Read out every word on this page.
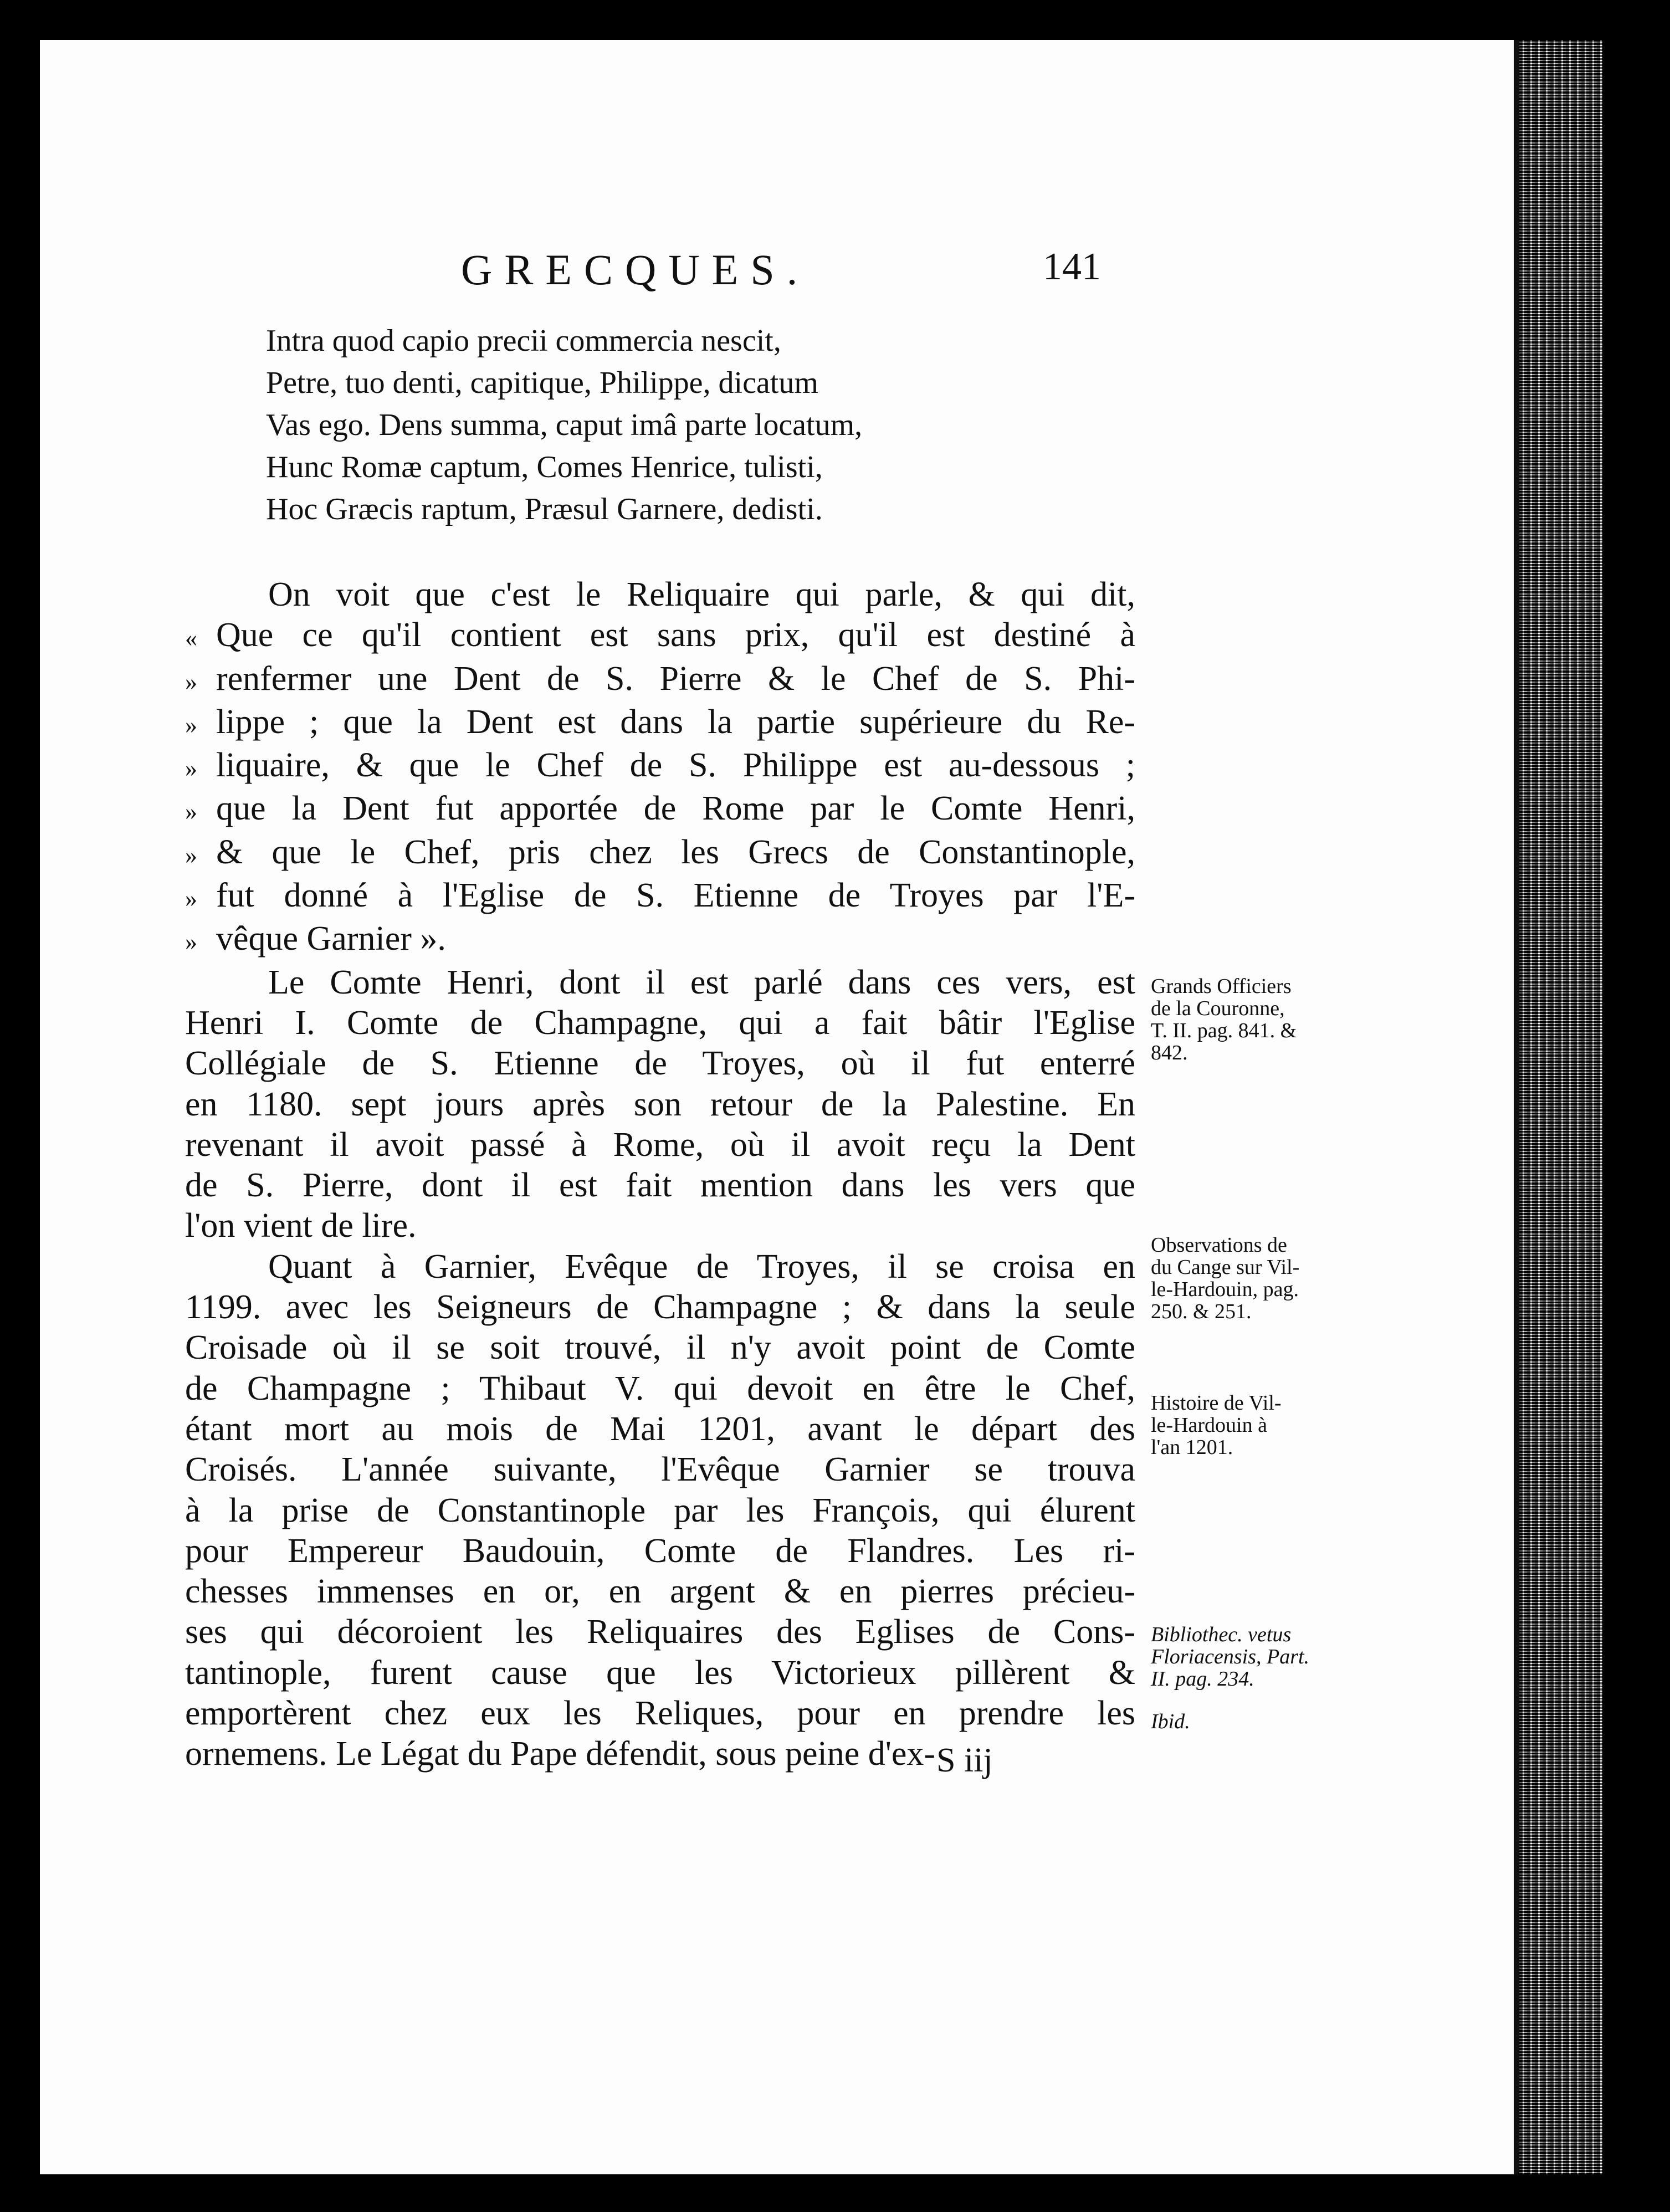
GRECQUES.	141
Intra quod capio precii commercia nescit,
Petre, tuo denti, capitique, Philippe, dicatum
Vas ego. Dens summa, caput imâ parte locatum,
Hunc Romæ captum, Comes Henrice, tulisti,
Hoc Græcis raptum, Præsul Garnere, dedisti.
On voit que c'est le Reliquaire qui parle, & qui dit,
« Que ce qu'il contient est sans prix, qu'il est destiné à
» renfermer une Dent de S. Pierre & le Chef de S. Phi-
» lippe ; que la Dent est dans la partie supérieure du Re-
» liquaire, & que le Chef de S. Philippe est au-dessous ;
» que la Dent fut apportée de Rome par le Comte Henri,
» & que le Chef, pris chez les Grecs de Constantinople,
» fut donné à l'Eglise de S. Etienne de Troyes par l'E-
» vêque Garnier ».
Le Comte Henri, dont il est parlé dans ces vers, est
Henri I. Comte de Champagne, qui a fait bâtir l'Eglise
Collégiale de S. Etienne de Troyes, où il fut enterré
en 1180. sept jours après son retour de la Palestine. En
revenant il avoit passé à Rome, où il avoit reçu la Dent
de S. Pierre, dont il est fait mention dans les vers que
l'on vient de lire.
Quant à Garnier, Evêque de Troyes, il se croisa en
1199. avec les Seigneurs de Champagne ; & dans la seule
Croisade où il se soit trouvé, il n'y avoit point de Comte
de Champagne ; Thibaut V. qui devoit en être le Chef,
étant mort au mois de Mai 1201, avant le départ des
Croisés. L'année suivante, l'Evêque Garnier se trouva
à la prise de Constantinople par les François, qui élurent
pour Empereur Baudouin, Comte de Flandres. Les ri-
chesses immenses en or, en argent & en pierres précieu-
ses qui décoroient les Reliquaires des Eglises de Cons-
tantinople, furent cause que les Victorieux pillèrent &
emportèrent chez eux les Reliques, pour en prendre les
ornemens. Le Légat du Pape défendit, sous peine d'ex-
Grands Officiers
de la Couronne,
T. II. pag. 841. &
842.
Observations de
du Cange sur Vil-
le-Hardouin, pag.
250. & 251.
Histoire de Vil-
le-Hardouin à
l'an 1201.
Bibliothec. vetus
Floriacensis, Part.
II. pag. 234.
Ibid.
S iij
